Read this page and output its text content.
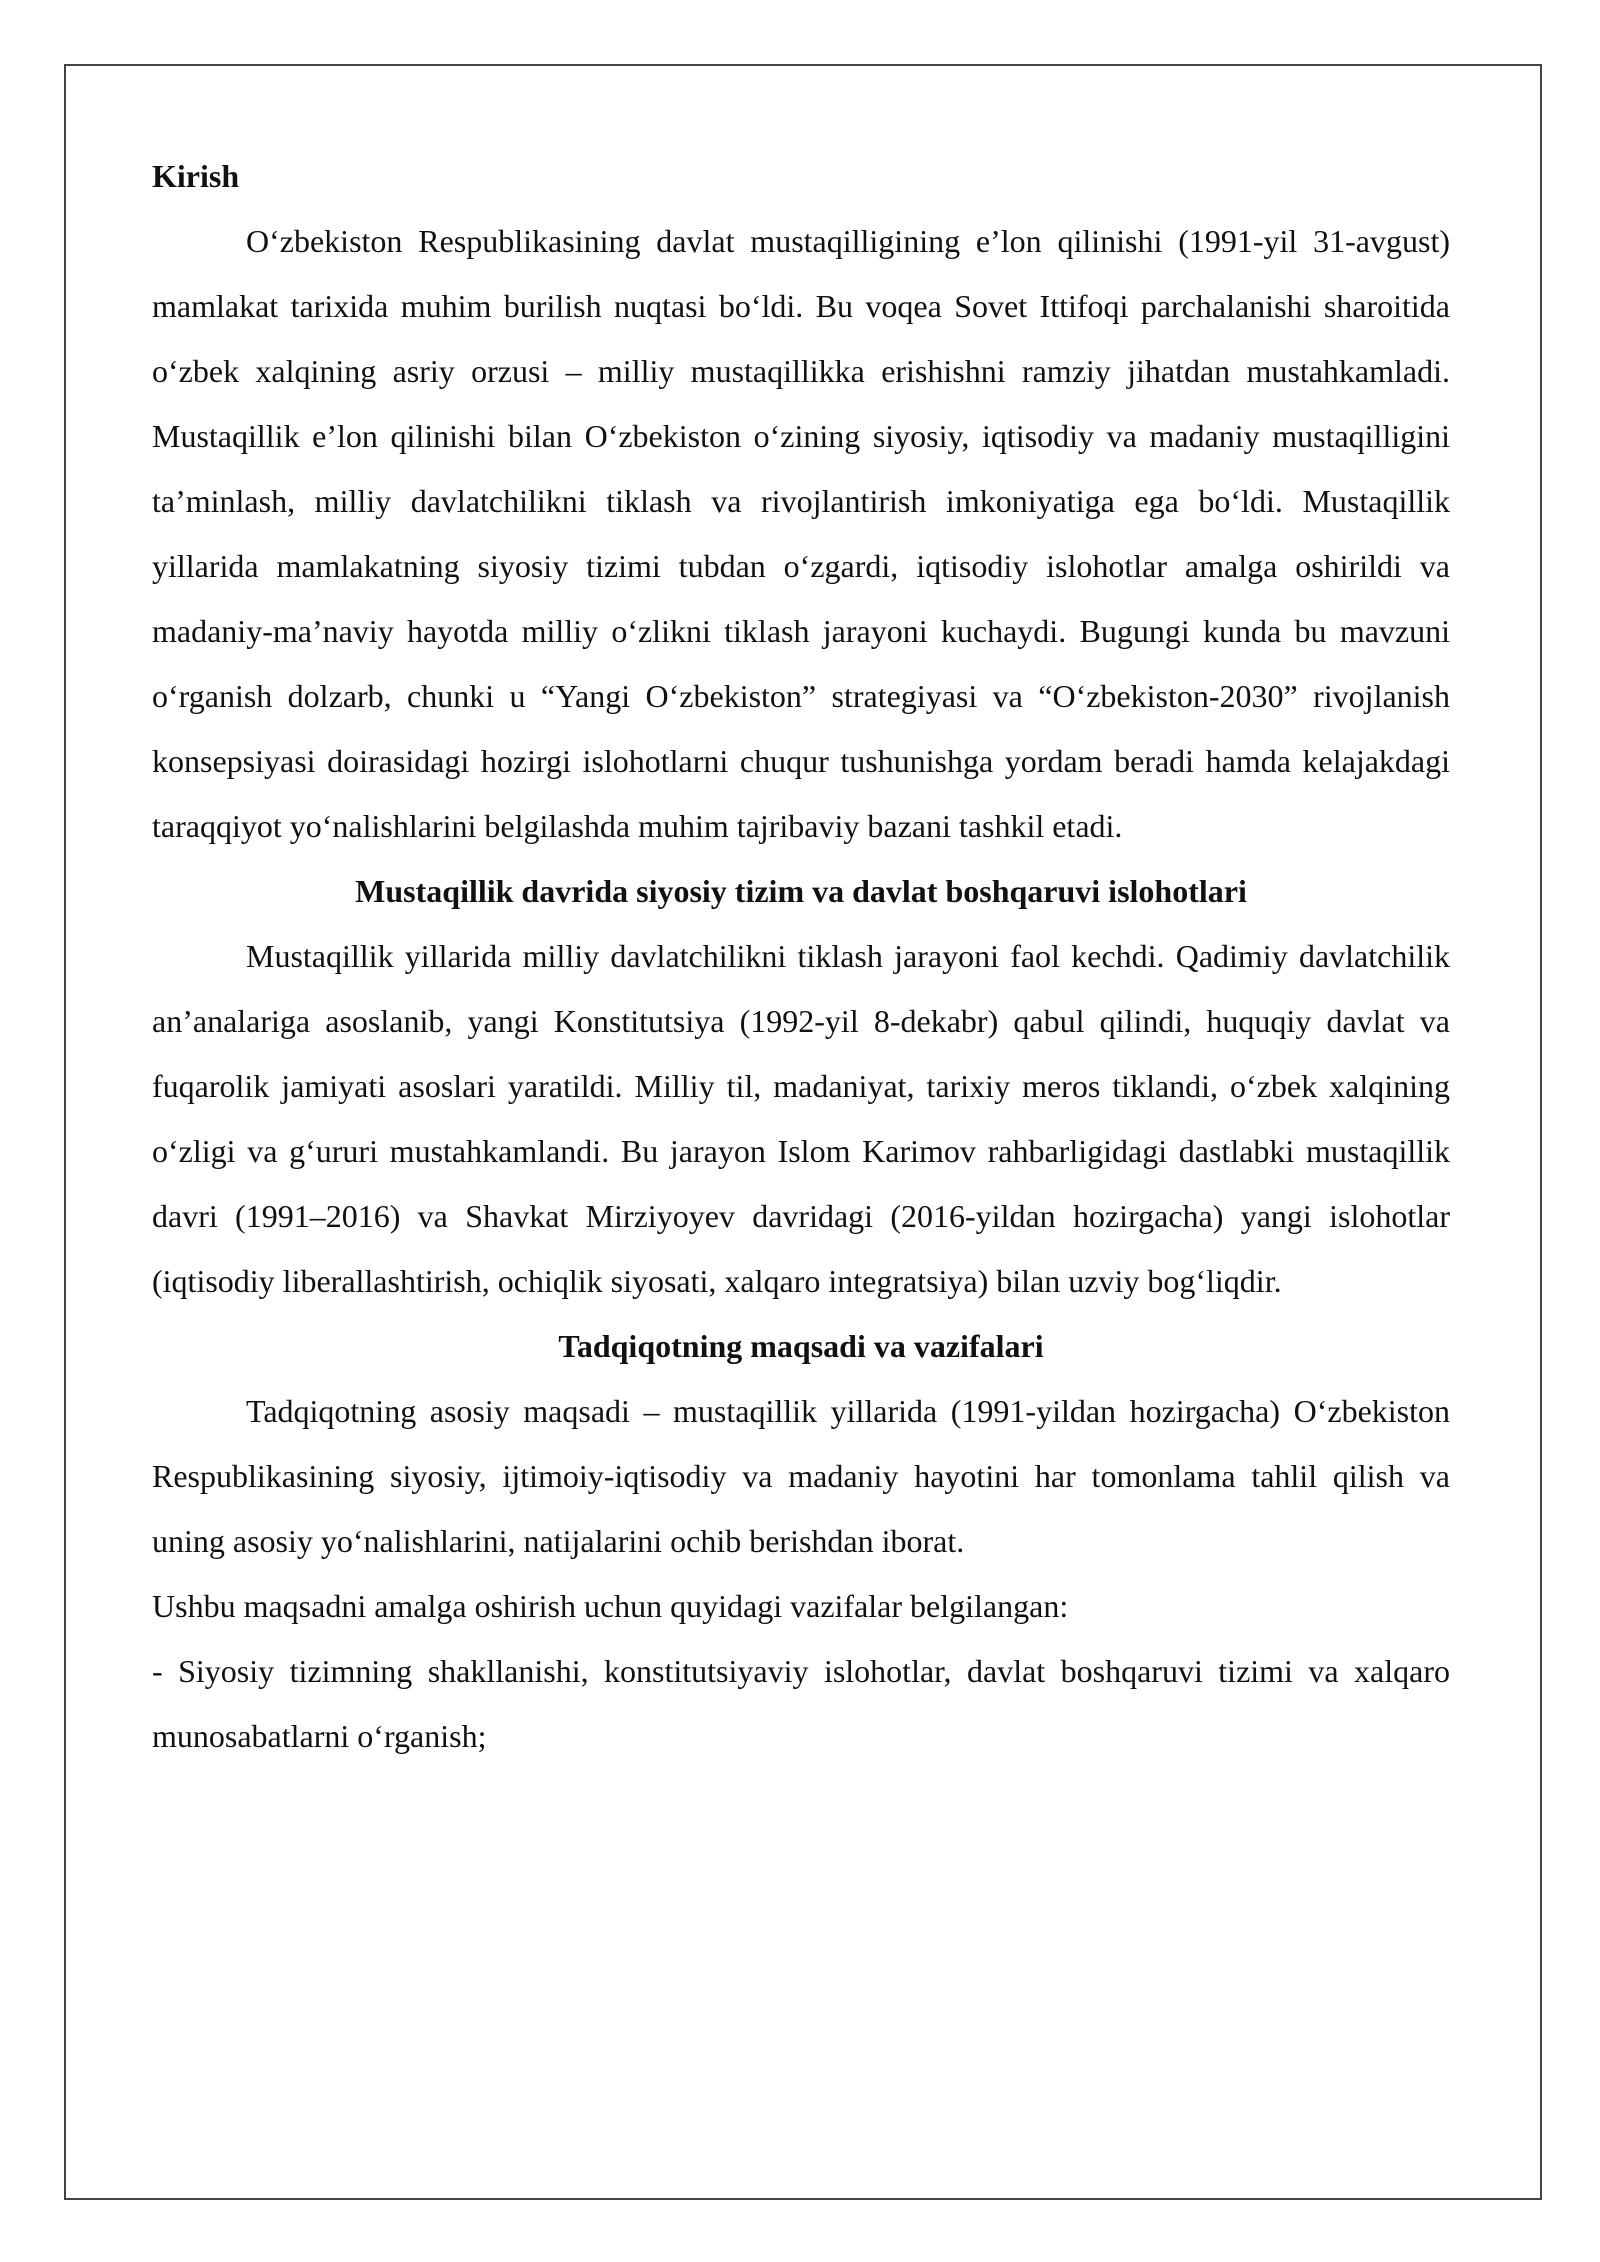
Kirish

O‘zbekiston Respublikasining davlat mustaqilligining e’lon qilinishi (1991-yil 31-avgust) mamlakat tarixida muhim burilish nuqtasi bo‘ldi. Bu voqea Sovet Ittifoqi parchalanishi sharoitida o‘zbek xalqining asriy orzusi – milliy mustaqillikka erishishni ramziy jihatdan mustahkamladi. Mustaqillik e’lon qilinishi bilan O‘zbekiston o‘zining siyosiy, iqtisodiy va madaniy mustaqilligini ta’minlash, milliy davlatchilikni tiklash va rivojlantirish imkoniyatiga ega bo‘ldi. Mustaqillik yillarida mamlakatning siyosiy tizimi tubdan o‘zgardi, iqtisodiy islohotlar amalga oshirildi va madaniy-ma’naviy hayotda milliy o‘zlikni tiklash jarayoni kuchaydi. Bugungi kunda bu mavzuni o‘rganish dolzarb, chunki u “Yangi O‘zbekiston” strategiyasi va “O‘zbekiston-2030” rivojlanish konsepsiyasi doirasidagi hozirgi islohotlarni chuqur tushunishga yordam beradi hamda kelajakdagi taraqqiyot yo‘nalishlarini belgilashda muhim tajribaviy bazani tashkil etadi.

Mustaqillik davrida siyosiy tizim va davlat boshqaruvi islohotlari

Mustaqillik yillarida milliy davlatchilikni tiklash jarayoni faol kechdi. Qadimiy davlatchilik an’analariga asoslanib, yangi Konstitutsiya (1992-yil 8-dekabr) qabul qilindi, huquqiy davlat va fuqarolik jamiyati asoslari yaratildi. Milliy til, madaniyat, tarixiy meros tiklandi, o‘zbek xalqining o‘zligi va g‘ururi mustahkamlandi. Bu jarayon Islom Karimov rahbarligidagi dastlabki mustaqillik davri (1991–2016) va Shavkat Mirziyoyev davridagi (2016-yildan hozirgacha) yangi islohotlar (iqtisodiy liberallashtirish, ochiqlik siyosati, xalqaro integratsiya) bilan uzviy bog‘liqdir.

Tadqiqotning maqsadi va vazifalari

Tadqiqotning asosiy maqsadi – mustaqillik yillarida (1991-yildan hozirgacha) O‘zbekiston Respublikasining siyosiy, ijtimoiy-iqtisodiy va madaniy hayotini har tomonlama tahlil qilish va uning asosiy yo‘nalishlarini, natijalarini ochib berishdan iborat.

Ushbu maqsadni amalga oshirish uchun quyidagi vazifalar belgilangan:

- Siyosiy tizimning shakllanishi, konstitutsiyaviy islohotlar, davlat boshqaruvi tizimi va xalqaro munosabatlarni o‘rganish;
